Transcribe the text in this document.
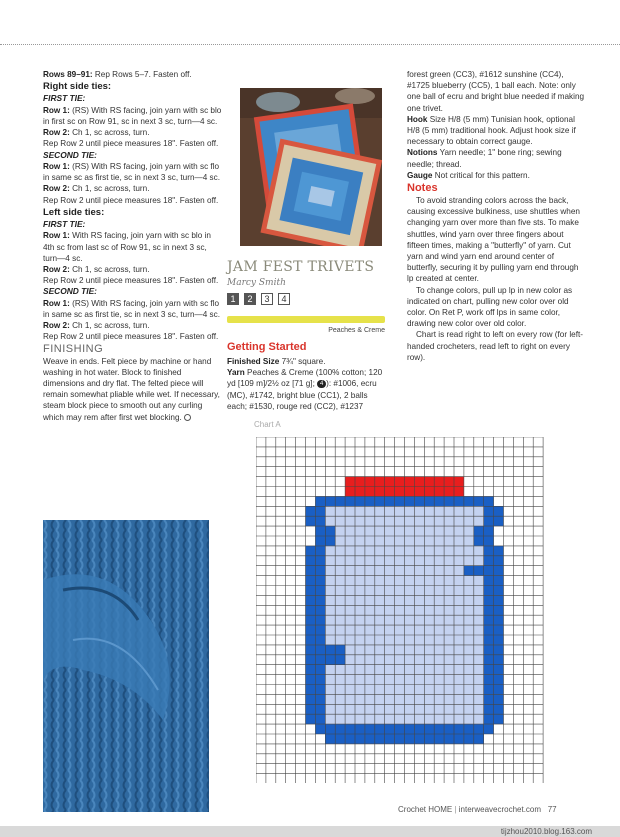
Rows 89–91: Rep Rows 5–7. Fasten off.

Right side ties:

FIRST TIE:

Row 1: (RS) With RS facing, join yarn with sc blo in first sc on Row 91, sc in next 3 sc, turn—4 sc.

Row 2: Ch 1, sc across, turn.

Rep Row 2 until piece measures 18". Fasten off.

SECOND TIE:

Row 1: (RS) With RS facing, join yarn with sc flo in same sc as first tie, sc in next 3 sc, turn—4 sc.

Row 2: Ch 1, sc across, turn.

Rep Row 2 until piece measures 18". Fasten off.

Left side ties:

FIRST TIE:

Row 1: With RS facing, join yarn with sc blo in 4th sc from last sc of Row 91, sc in next 3 sc, turn—4 sc.

Row 2: Ch 1, sc across, turn.

Rep Row 2 until piece measures 18". Fasten off.

SECOND TIE:

Row 1: (RS) With RS facing, join yarn with sc flo in same sc as first tie, sc in next 3 sc, turn—4 sc.

Row 2: Ch 1, sc across, turn.

Rep Row 2 until piece measures 18". Fasten off.

FINISHING

Weave in ends. Felt piece by machine or hand washing in hot water. Block to finished dimensions and dry flat. The felted piece will remain somewhat pliable while wet. If necessary, steam block piece to smooth out any curling which may rem after first wet blocking.

JAM FEST TRIVETS
Marcy Smith
1	2	3	4
Peaches & Creme
Getting Started

Finished Size 7¾" square.

Yarn Peaches & Creme (100% cotton; 120 yd [109 m]/2½ oz [71 g]; 4 ): #1006, ecru (MC), #1742, bright blue (CC1), 2 balls each; #1530, rouge red (CC2), #1237

forest green (CC3), #1612 sunshine (CC4), #1725 blueberry (CC5), 1 ball each. Note: only one ball of ecru and bright blue needed if making one trivet.

Hook Size H/8 (5 mm) Tunisian hook, optional H/8 (5 mm) traditional hook. Adjust hook size if necessary to obtain correct gauge.

Notions Yarn needle; 1" bone ring; sewing needle; thread.

Gauge Not critical for this pattern.

Notes

To avoid stranding colors across the back, causing excessive bulkiness, use shuttles when changing yarn over more than five sts. To make shuttles, wind yarn over three fingers about fifteen times, making a "butterfly" of yarn. Cut yarn and wind yarn end around center of butterfly, securing it by pulling yarn end through lp created at center.

To change colors, pull up lp in new color as indicated on chart, pulling new color over old color. On Ret P, work off lps in same color, drawing new color over old color.

Chart is read right to left on every row (for left-handed crocheters, read left to right on every row).

Chart A
Crochet HOME | interweavecrochet.com 77
tijzhou2010.blog.163.com
